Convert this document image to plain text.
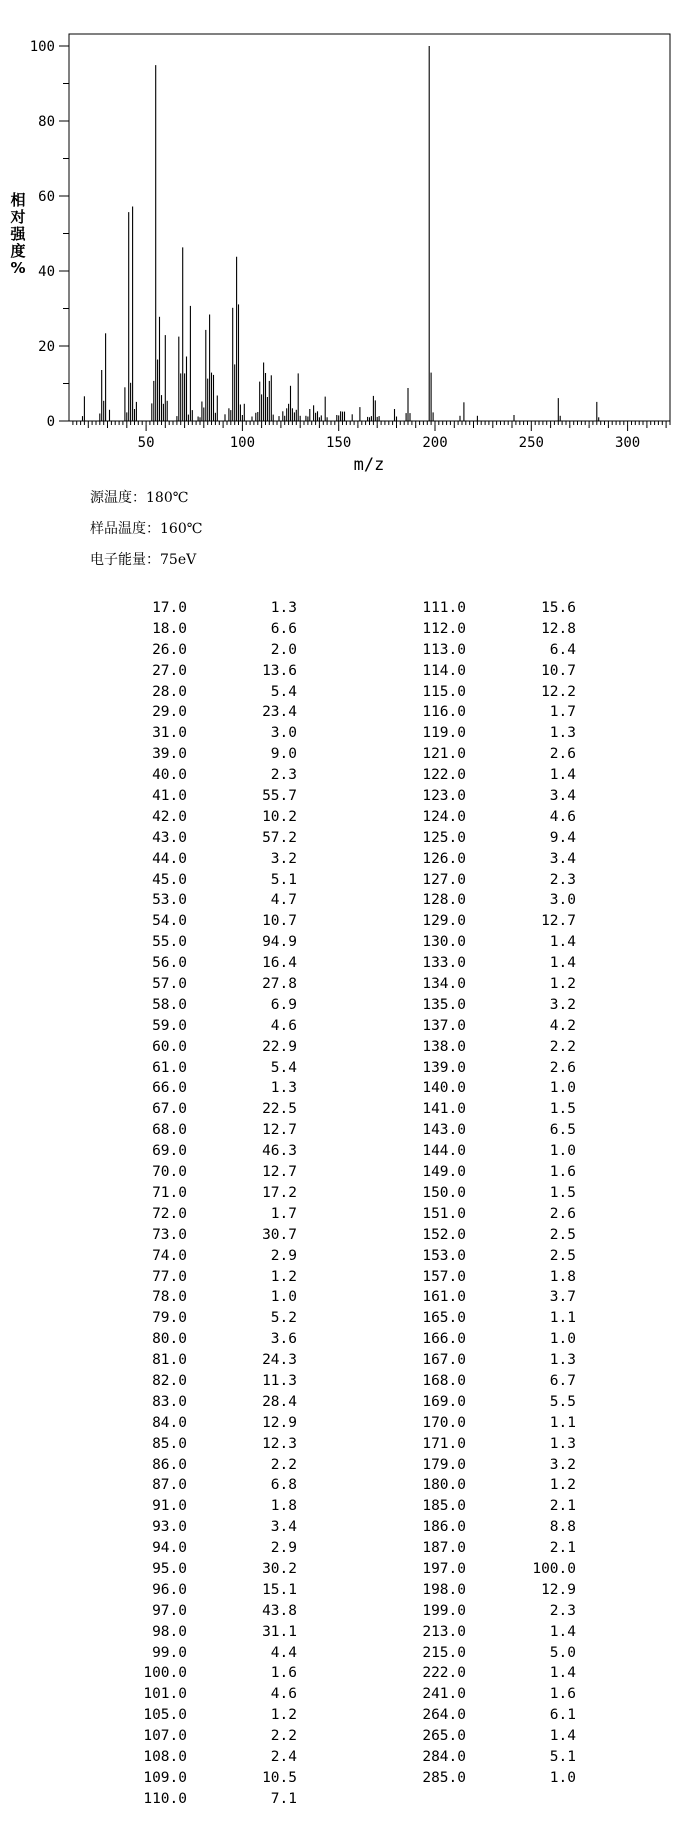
50	100	150	200	250	300
0
20
40
60
80
100
m/z
相对强度%
源温度：180℃
样品温度：160℃
电子能量：75eV
17.0	1.3
18.0	6.6
26.0	2.0
27.0	13.6
28.0	5.4
29.0	23.4
31.0	3.0
39.0	9.0
40.0	2.3
41.0	55.7
42.0	10.2
43.0	57.2
44.0	3.2
45.0	5.1
53.0	4.7
54.0	10.7
55.0	94.9
56.0	16.4
57.0	27.8
58.0	6.9
59.0	4.6
60.0	22.9
61.0	5.4
66.0	1.3
67.0	22.5
68.0	12.7
69.0	46.3
70.0	12.7
71.0	17.2
72.0	1.7
73.0	30.7
74.0	2.9
77.0	1.2
78.0	1.0
79.0	5.2
80.0	3.6
81.0	24.3
82.0	11.3
83.0	28.4
84.0	12.9
85.0	12.3
86.0	2.2
87.0	6.8
91.0	1.8
93.0	3.4
94.0	2.9
95.0	30.2
96.0	15.1
97.0	43.8
98.0	31.1
99.0	4.4
100.0	1.6
101.0	4.6
105.0	1.2
107.0	2.2
108.0	2.4
109.0	10.5
110.0	7.1
111.0	15.6
112.0	12.8
113.0	6.4
114.0	10.7
115.0	12.2
116.0	1.7
119.0	1.3
121.0	2.6
122.0	1.4
123.0	3.4
124.0	4.6
125.0	9.4
126.0	3.4
127.0	2.3
128.0	3.0
129.0	12.7
130.0	1.4
133.0	1.4
134.0	1.2
135.0	3.2
137.0	4.2
138.0	2.2
139.0	2.6
140.0	1.0
141.0	1.5
143.0	6.5
144.0	1.0
149.0	1.6
150.0	1.5
151.0	2.6
152.0	2.5
153.0	2.5
157.0	1.8
161.0	3.7
165.0	1.1
166.0	1.0
167.0	1.3
168.0	6.7
169.0	5.5
170.0	1.1
171.0	1.3
179.0	3.2
180.0	1.2
185.0	2.1
186.0	8.8
187.0	2.1
197.0	100.0
198.0	12.9
199.0	2.3
213.0	1.4
215.0	5.0
222.0	1.4
241.0	1.6
264.0	6.1
265.0	1.4
284.0	5.1
285.0	1.0
